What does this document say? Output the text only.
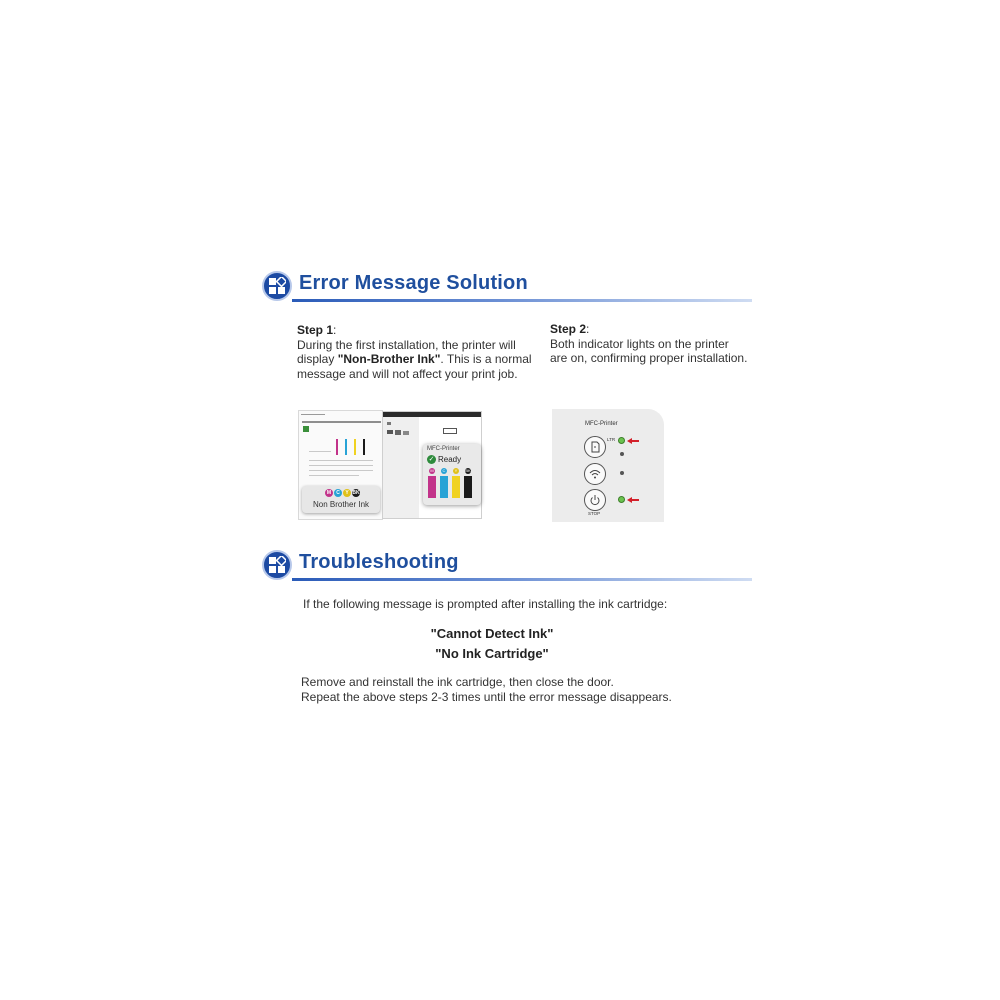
Error Message Solution

Step 1:

During the first installation, the printer will

display "Non-Brother Ink". This is a normal

message and will not affect your print job.

Step 2:

Both indicator lights on the printer

are on, confirming proper installation.

M	C	Y BK
Non Brother Ink
MFC-Printer
✓ Ready
M	C	Y	BK
MFC-Printer
LTR
STOP
Troubleshooting
If the following message is prompted after installing the ink cartridge:
"Cannot Detect Ink"
"No Ink Cartridge"
Remove and reinstall the ink cartridge, then close the door.
Repeat the above steps 2-3 times until the error message disappears.
